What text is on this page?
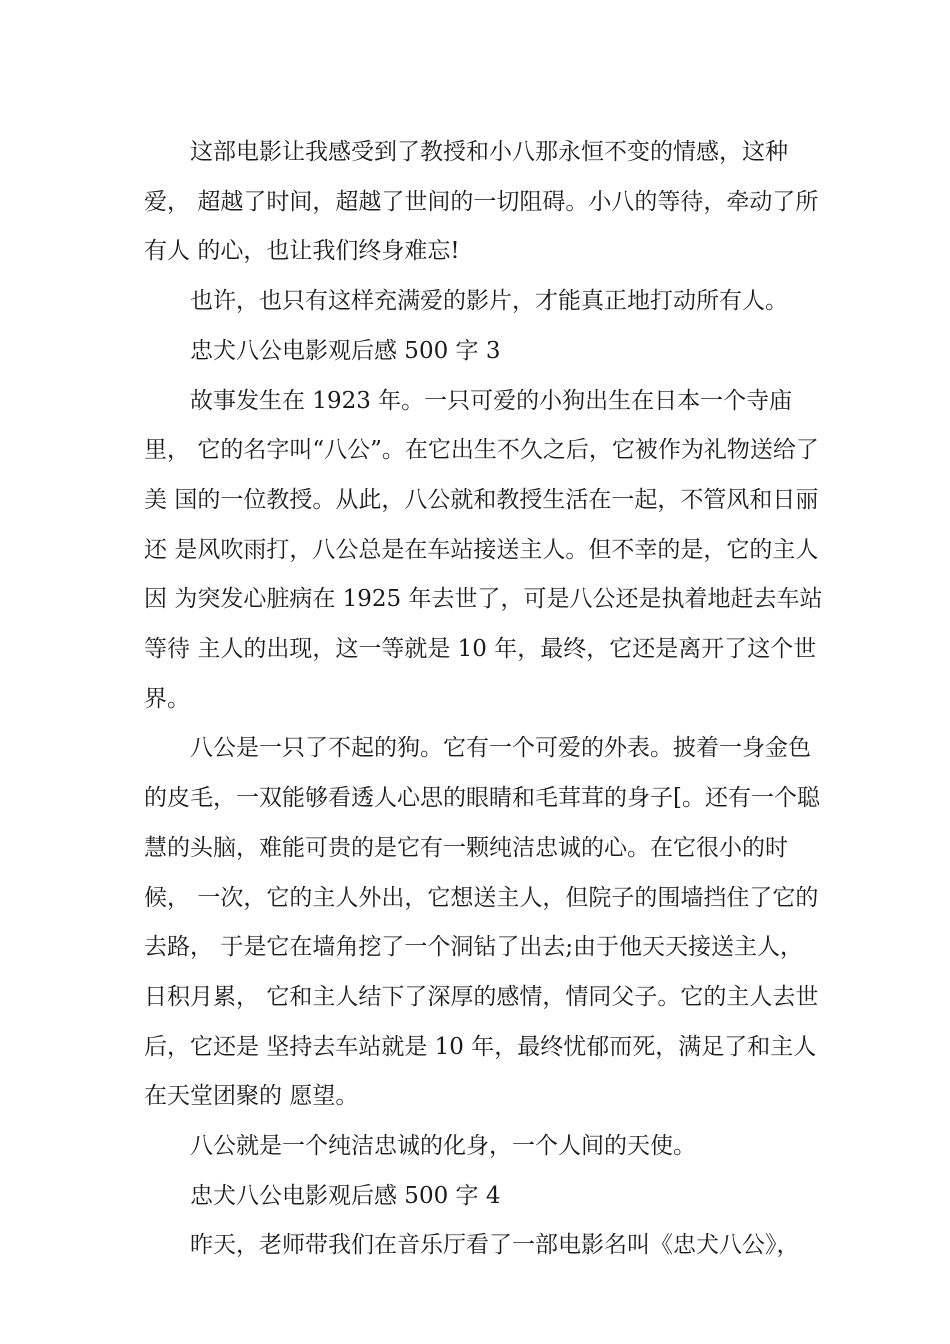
这部电影让我感受到了教授和小八那永恒不变的情感，这种爱， 超越了时间，超越了世间的一切阻碍。小八的等待，牵动了所有人 的心，也让我们终身难忘!
也许，也只有这样充满爱的影片，才能真正地打动所有人。
忠犬八公电影观后感 500 字 3
故事发生在 1923 年。一只可爱的小狗出生在日本一个寺庙里， 它的名字叫“八公”。在它出生不久之后，它被作为礼物送给了美 国的一位教授。从此，八公就和教授生活在一起，不管风和日丽还 是风吹雨打，八公总是在车站接送主人。但不幸的是，它的主人因 为突发心脏病在 1925 年去世了，可是八公还是执着地赶去车站等待 主人的出现，这一等就是 10 年，最终，它还是离开了这个世界。
八公是一只了不起的狗。它有一个可爱的外表。披着一身金色 的皮毛，一双能够看透人心思的眼睛和毛茸茸的身子[。还有一个聪 慧的头脑，难能可贵的是它有一颗纯洁忠诚的心。在它很小的时候， 一次，它的主人外出，它想送主人，但院子的围墙挡住了它的去路， 于是它在墙角挖了一个洞钻了出去;由于他天天接送主人，日积月累， 它和主人结下了深厚的感情，情同父子。它的主人去世后，它还是 坚持去车站就是 10 年，最终忧郁而死，满足了和主人在天堂团聚的 愿望。
八公就是一个纯洁忠诚的化身，一个人间的天使。
忠犬八公电影观后感 500 字 4
昨天，老师带我们在音乐厅看了一部电影名叫《忠犬八公》，
